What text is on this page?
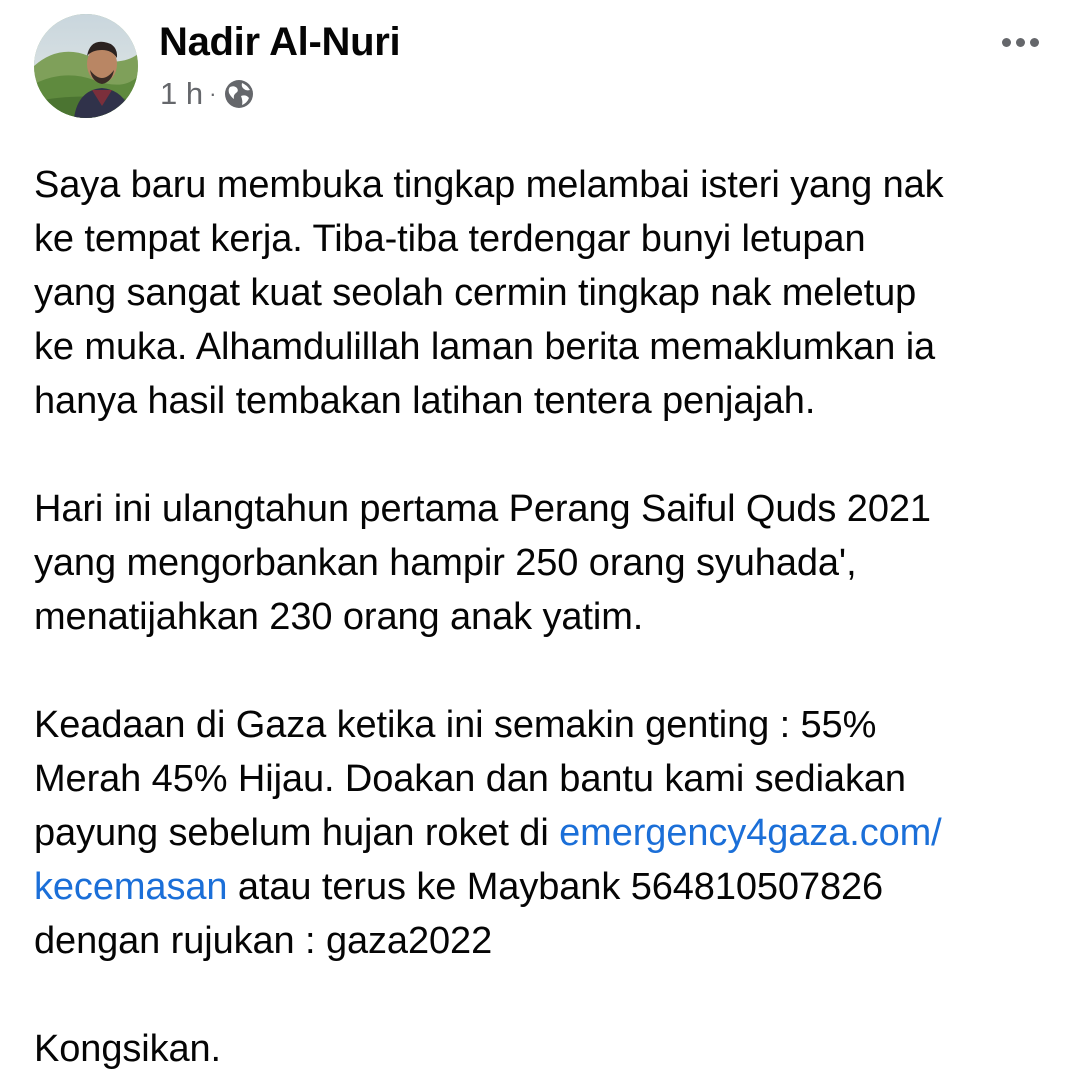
Nadir Al-Nuri
1 h ·

Saya baru membuka tingkap melambai isteri yang nak
ke tempat kerja. Tiba-tiba terdengar bunyi letupan
yang sangat kuat seolah cermin tingkap nak meletup
ke muka. Alhamdulillah laman berita memaklumkan ia
hanya hasil tembakan latihan tentera penjajah.

Hari ini ulangtahun pertama Perang Saiful Quds 2021
yang mengorbankan hampir 250 orang syuhada',
menatijahkan 230 orang anak yatim.

Keadaan di Gaza ketika ini semakin genting : 55%
Merah 45% Hijau. Doakan dan bantu kami sediakan
payung sebelum hujan roket di emergency4gaza.com/
kecemasan atau terus ke Maybank 564810507826
dengan rujukan : gaza2022

Kongsikan.
